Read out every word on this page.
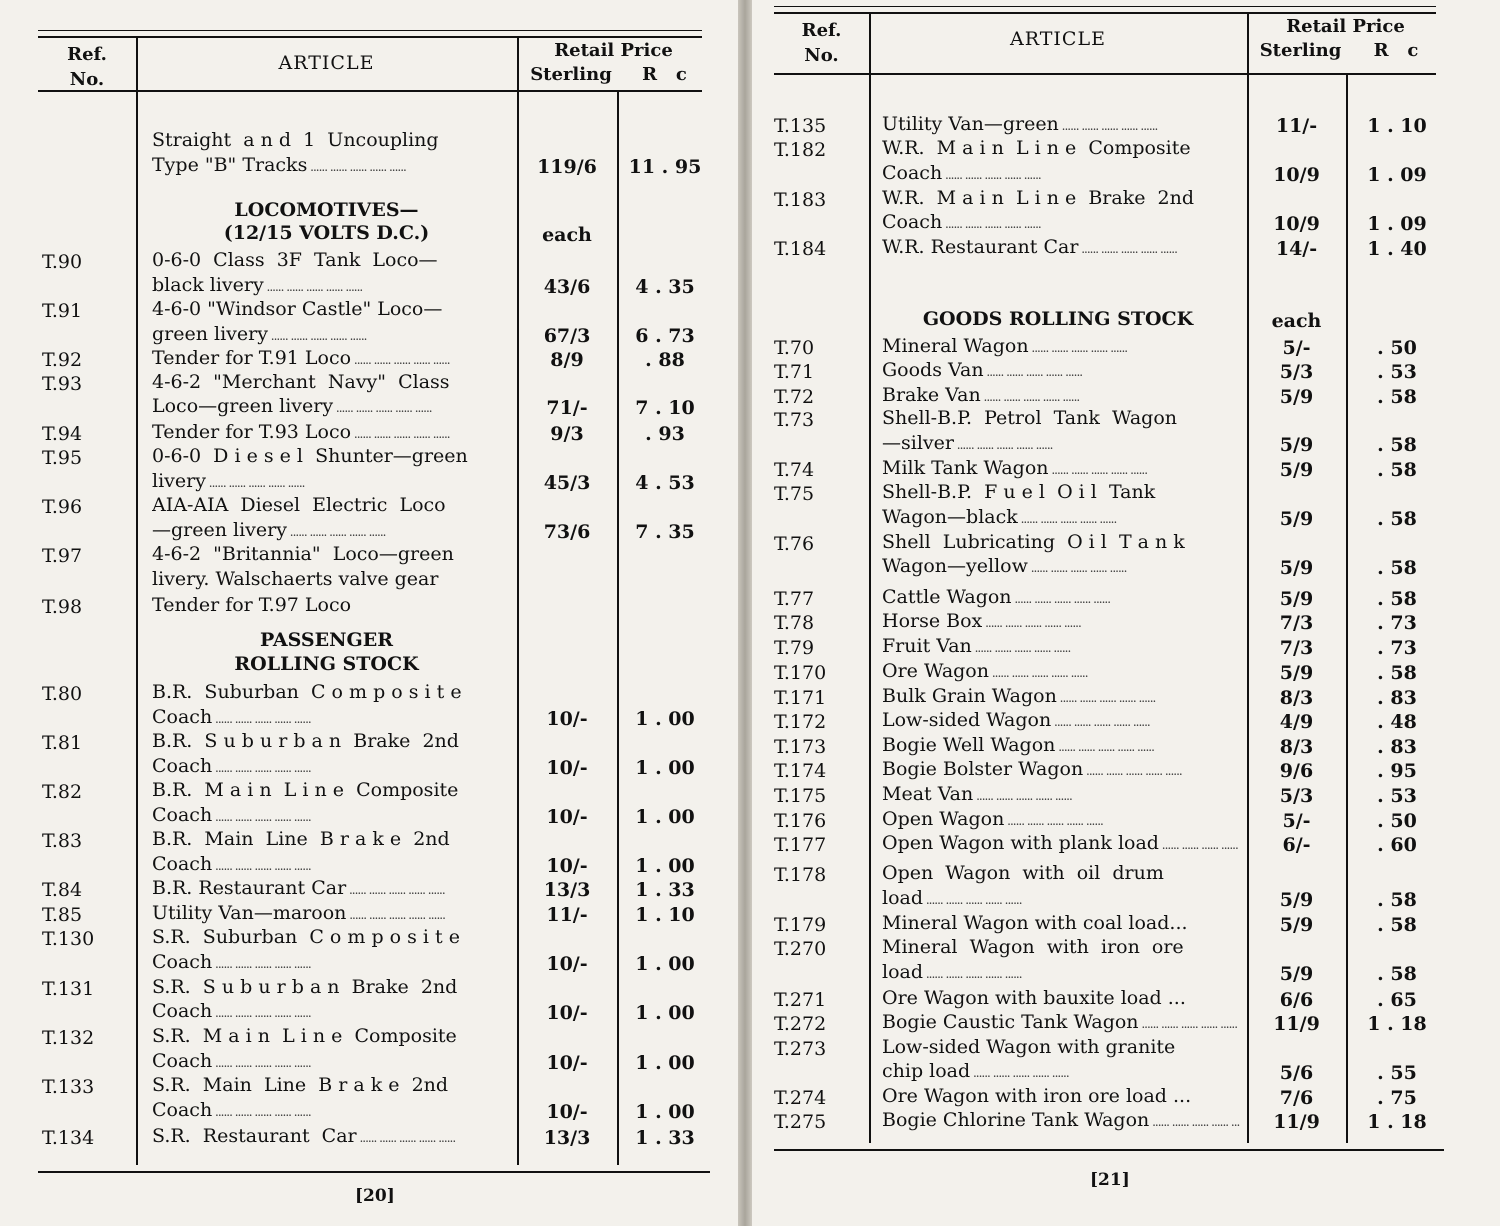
Ref.
No.
ARTICLE
Retail Price
Sterling	R   c
Straight  a n d  1  Uncoupling
Type "B" Tracks .....	119/6	11 . 95
LOCOMOTIVES—
(12/15 VOLTS D.C.)	each
T.90	0-6-0  Class  3F  Tank  Loco—
black livery .....	43/6	4 . 35
T.91	4-6-0 "Windsor Castle" Loco—
green livery .....	67/3	6 . 73
T.92	Tender for T.91 Loco .....	8/9	. 88
T.93	4-6-2  "Merchant  Navy"  Class
Loco—green livery .....	71/-	7 . 10
T.94	Tender for T.93 Loco .....	9/3	. 93
T.95	0-6-0  D i e s e l  Shunter—green
livery .....	45/3	4 . 53
T.96	AIA-AIA  Diesel  Electric  Loco
—green livery .....	73/6	7 . 35
T.97	4-6-2  "Britannia"  Loco—green
livery. Walschaerts valve gear
T.98	Tender for T.97 Loco
PASSENGER
ROLLING STOCK
T.80	B.R.  Suburban  C o m p o s i t e
Coach .....	10/-	1 . 00
T.81	B.R.  S u b u r b a n  Brake  2nd
Coach .....	10/-	1 . 00
T.82	B.R.  M a i n  L i n e  Composite
Coach .....	10/-	1 . 00
T.83	B.R.  Main  Line  B r a k e  2nd
Coach .....	10/-	1 . 00
T.84	B.R. Restaurant Car .....	13/3	1 . 33
T.85	Utility Van—maroon .....	11/-	1 . 10
T.130	S.R.  Suburban  C o m p o s i t e
Coach .....	10/-	1 . 00
T.131	S.R.  S u b u r b a n  Brake  2nd
Coach .....	10/-	1 . 00
T.132	S.R.  M a i n  L i n e  Composite
Coach .....	10/-	1 . 00
T.133	S.R.  Main  Line  B r a k e  2nd
Coach .....	10/-	1 . 00
T.134	S.R.  Restaurant  Car .....	13/3	1 . 33
[20]
Ref.
No.
ARTICLE
Retail Price
Sterling	R   c
T.135	Utility Van—green .....	11/-	1 . 10
T.182	W.R.  M a i n  L i n e  Composite
Coach .....	10/9	1 . 09
T.183	W.R.  M a i n  L i n e  Brake  2nd
Coach .....	10/9	1 . 09
T.184	W.R. Restaurant Car .....	14/-	1 . 40
GOODS ROLLING STOCK	each
T.70	Mineral Wagon .....	5/-	. 50
T.71	Goods Van .....	5/3	. 53
T.72	Brake Van .....	5/9	. 58
T.73	Shell-B.P.  Petrol  Tank  Wagon
—silver .....	5/9	. 58
T.74	Milk Tank Wagon .....	5/9	. 58
T.75	Shell-B.P.  F u e l  O i l  Tank
Wagon—black .....	5/9	. 58
T.76	Shell  Lubricating  O i l  T a n k
Wagon—yellow .....	5/9	. 58
T.77	Cattle Wagon .....	5/9	. 58
T.78	Horse Box .....	7/3	. 73
T.79	Fruit Van .....	7/3	. 73
T.170	Ore Wagon .....	5/9	. 58
T.171	Bulk Grain Wagon .....	8/3	. 83
T.172	Low-sided Wagon .....	4/9	. 48
T.173	Bogie Well Wagon .....	8/3	. 83
T.174	Bogie Bolster Wagon .....	9/6	. 95
T.175	Meat Van .....	5/3	. 53
T.176	Open Wagon .....	5/-	. 50
T.177	Open Wagon with plank load .....	6/-	. 60
T.178	Open  Wagon  with  oil  drum
load .....	5/9	. 58
T.179	Mineral Wagon with coal load...	5/9	. 58
T.270	Mineral  Wagon  with  iron  ore
load .....	5/9	. 58
T.271	Ore Wagon with bauxite load ...	6/6	. 65
T.272	Bogie Caustic Tank Wagon .....	11/9	1 . 18
T.273	Low-sided Wagon with granite
chip load .....	5/6	. 55
T.274	Ore Wagon with iron ore load ...	7/6	. 75
T.275	Bogie Chlorine Tank Wagon .....	11/9	1 . 18
[21]
